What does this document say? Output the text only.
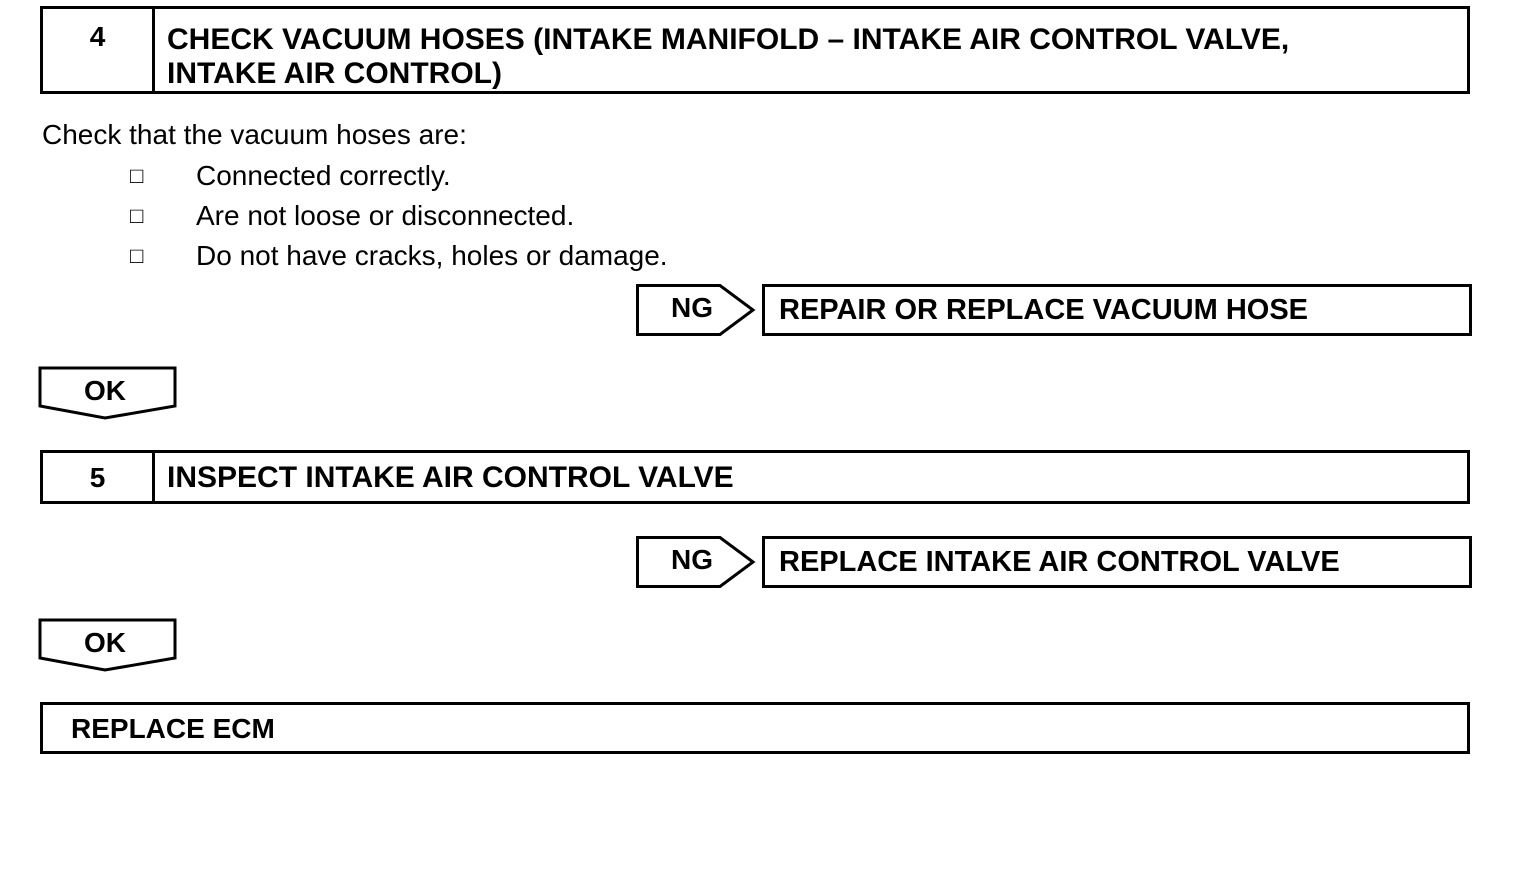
4	CHECK VACUUM HOSES (INTAKE MANIFOLD – INTAKE AIR CONTROL VALVE,
INTAKE AIR CONTROL)
Check that the vacuum hoses are:
□	Connected correctly.
□	Are not loose or disconnected.
□	Do not have cracks, holes or damage.
NG	REPAIR OR REPLACE VACUUM HOSE
OK
5	INSPECT INTAKE AIR CONTROL VALVE
NG	REPLACE INTAKE AIR CONTROL VALVE
OK
REPLACE ECM
